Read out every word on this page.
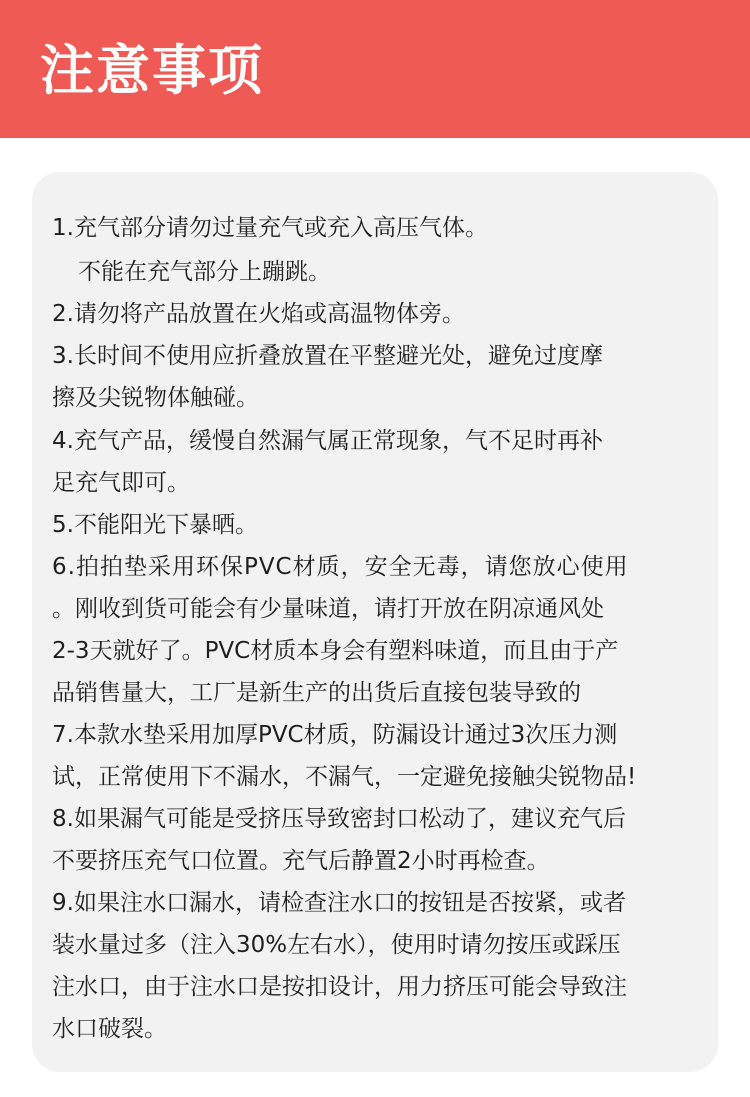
注意事项
1.充气部分请勿过量充气或充入高压气体。
不能在充气部分上蹦跳。
2.请勿将产品放置在火焰或高温物体旁。
3.长时间不使用应折叠放置在平整避光处，避免过度摩
擦及尖锐物体触碰。
4.充气产品，缓慢自然漏气属正常现象，气不足时再补
足充气即可。
5.不能阳光下暴晒。
6.拍拍垫采用环保PVC材质，安全无毒，请您放心使用
。刚收到货可能会有少量味道，请打开放在阴凉通风处
2-3天就好了。PVC材质本身会有塑料味道，而且由于产
品销售量大，工厂是新生产的出货后直接包装导致的
7.本款水垫采用加厚PVC材质，防漏设计通过3次压力测
试，正常使用下不漏水，不漏气，一定避免接触尖锐物品!
8.如果漏气可能是受挤压导致密封口松动了，建议充气后
不要挤压充气口位置。充气后静置2小时再检查。
9.如果注水口漏水，请检查注水口的按钮是否按紧，或者
装水量过多（注入30%左右水），使用时请勿按压或踩压
注水口，由于注水口是按扣设计，用力挤压可能会导致注
水口破裂。
